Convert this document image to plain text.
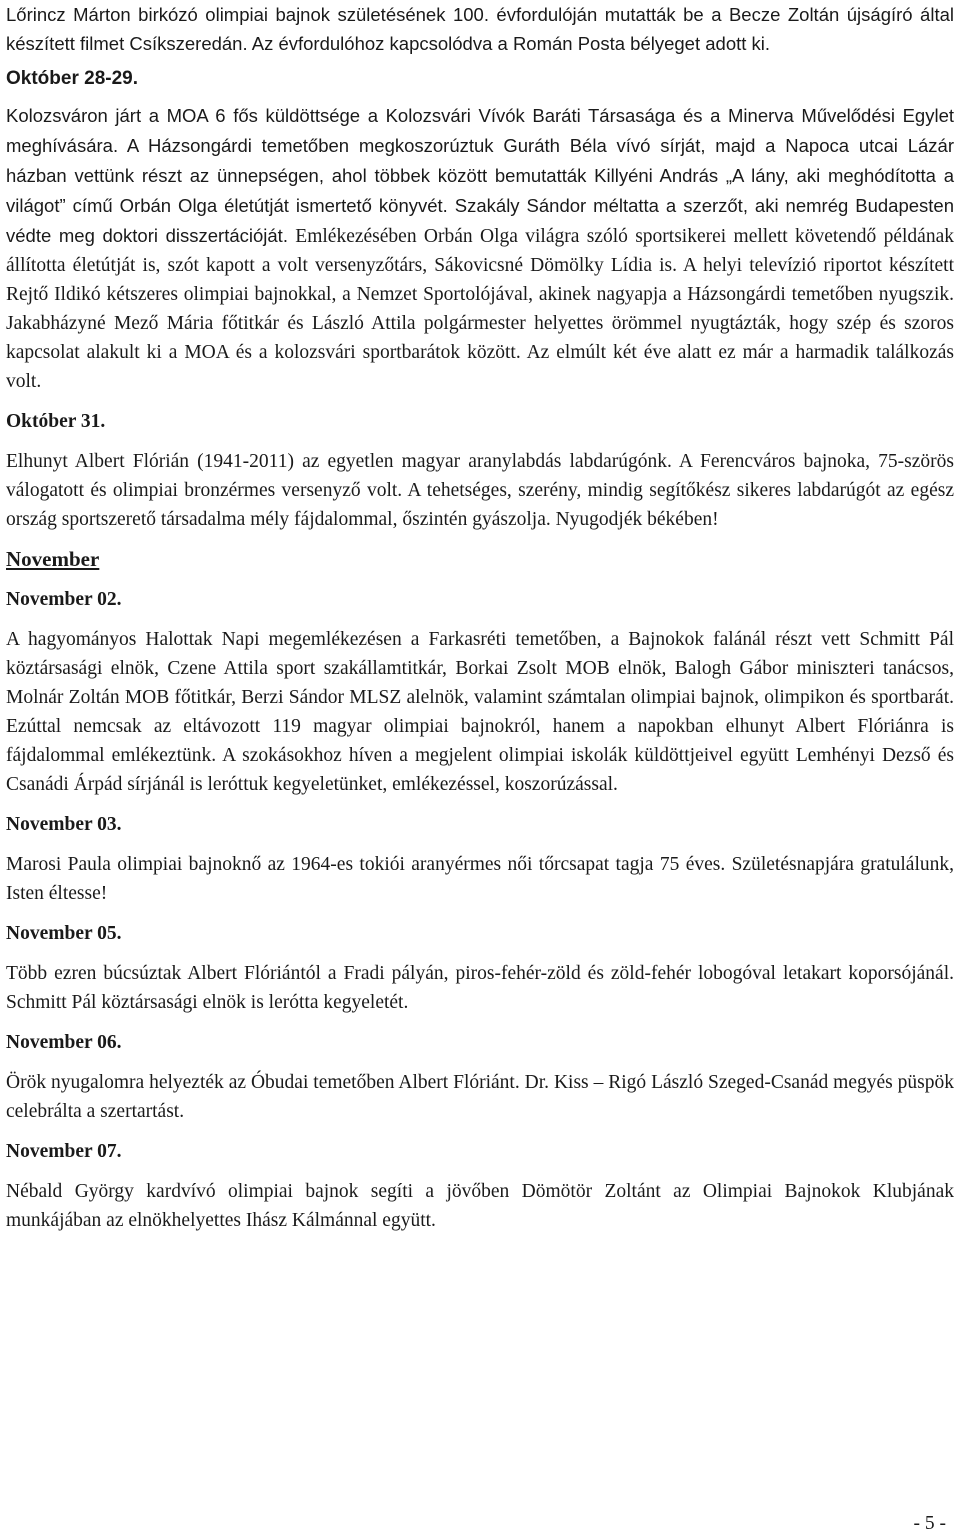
Lőrincz Márton birkózó olimpiai bajnok születésének 100. évfordulóján mutatták be a Becze Zoltán újságíró által készített filmet Csíkszeredán. Az évfordulóhoz kapcsolódva a Román Posta bélyeget adott ki.

Október 28-29.

Kolozsváron járt a MOA 6 fős küldöttsége a Kolozsvári Vívók Baráti Társasága és a Minerva Művelődési Egylet meghívására. A Házsongárdi temetőben megkoszorúztuk Guráth Béla vívó sírját, majd a Napoca utcai Lázár házban vettünk részt az ünnepségen, ahol többek között bemutatták Killyéni András „A lány, aki meghódította a világot” című Orbán Olga életútját ismertető könyvét. Szakály Sándor méltatta a szerzőt, aki nemrég Budapesten védte meg doktori disszertációját. Emlékezésében Orbán Olga világra szóló sportsikerei mellett követendő példának állította életútját is, szót kapott a volt versenyzőtárs, Sákovicsné Dömölky Lídia is. A helyi televízió riportot készített Rejtő Ildikó kétszeres olimpiai bajnokkal, a Nemzet Sportolójával, akinek nagyapja a Házsongárdi temetőben nyugszik. Jakabházyné Mező Mária főtitkár és László Attila polgármester helyettes örömmel nyugtázták, hogy szép és szoros kapcsolat alakult ki a MOA és a kolozsvári sportbarátok között. Az elmúlt két éve alatt ez már a harmadik találkozás volt.

Október 31.

Elhunyt Albert Flórián (1941-2011) az egyetlen magyar aranylabdás labdarúgónk. A Ferencváros bajnoka, 75-szörös válogatott és olimpiai bronzérmes versenyző volt. A tehetséges, szerény, mindig segítőkész sikeres labdarúgót az egész ország sportszerető társadalma mély fájdalommal, őszintén gyászolja. Nyugodjék békében!

November
November 02.

A hagyományos Halottak Napi megemlékezésen a Farkasréti temetőben, a Bajnokok falánál részt vett Schmitt Pál köztársasági elnök, Czene Attila sport szakállamtitkár, Borkai Zsolt MOB elnök, Balogh Gábor miniszteri tanácsos, Molnár Zoltán MOB főtitkár, Berzi Sándor MLSZ alelnök, valamint számtalan olimpiai bajnok, olimpikon és sportbarát. Ezúttal nemcsak az eltávozott 119 magyar olimpiai bajnokról, hanem a napokban elhunyt Albert Flóriánra is fájdalommal emlékeztünk. A szokásokhoz híven a megjelent olimpiai iskolák küldöttjeivel együtt Lemhényi Dezső és Csanádi Árpád sírjánál is leróttuk kegyeletünket, emlékezéssel, koszorúzással.

November 03.

Marosi Paula olimpiai bajnoknő az 1964-es tokiói aranyérmes női tőrcsapat tagja 75 éves. Születésnapjára gratulálunk, Isten éltesse!

November 05.

Több ezren búcsúztak Albert Flóriántól a Fradi pályán, piros-fehér-zöld és zöld-fehér lobogóval letakart koporsójánál. Schmitt Pál köztársasági elnök is lerótta kegyeletét.

November 06.

Örök nyugalomra helyezték az Óbudai temetőben Albert Flóriánt. Dr. Kiss – Rigó László Szeged-Csanád megyés püspök celebrálta a szertartást.

November 07.

Nébald György kardvívó olimpiai bajnok segíti a jövőben Dömötör Zoltánt az Olimpiai Bajnokok Klubjának munkájában az elnökhelyettes Ihász Kálmánnal együtt.

- 5 -
